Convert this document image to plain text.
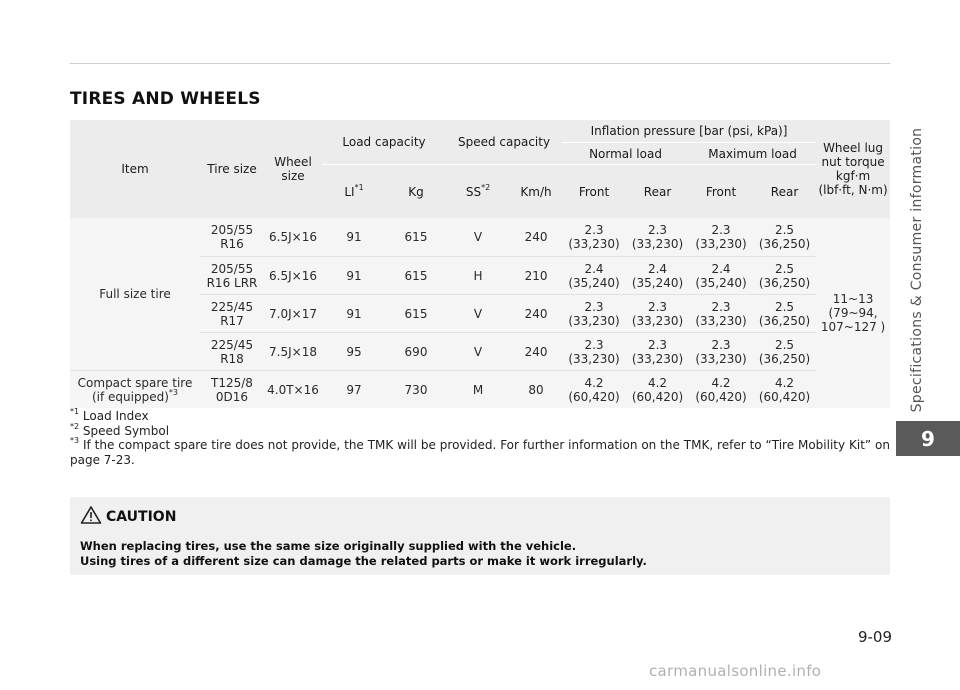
TIRES AND WHEELS
Item	Tire size	Wheel size	Load capacity		Speed capacity		Inflation pressure [bar (psi, kPa)]				Wheel lug nut torque kgf·m (lbf·ft, N·m)
							Normal load		Maximum load		
			LI$^{*1}$	Kg	SS$^{*2}$	Km/h	Front	Rear	Front	Rear	
Full size tire	205/55 R16	6.5J×16	91	615	V	240	2.3 (33,230)	2.3 (33,230)	2.3 (33,230)	2.5 (36,250)	11~13 (79~94, 107~127 )
	205/55 R16 LRR	6.5J×16	91	615	H	210	2.4 (35,240)	2.4 (35,240)	2.4 (35,240)	2.5 (36,250)	
	225/45 R17	7.0J×17	91	615	V	240	2.3 (33,230)	2.3 (33,230)	2.3 (33,230)	2.5 (36,250)	
	225/45 R18	7.5J×18	95	690	V	240	2.3 (33,230)	2.3 (33,230)	2.3 (33,230)	2.5 (36,250)	
Compact spare tire (if equipped)$^{*3}$	T125/8 0D16	4.0T×16	97	730	M	80	4.2 (60,420)	4.2 (60,420)	4.2 (60,420)	4.2 (60,420)	
$^{*1}$ Load Index
$^{*2}$ Speed Symbol
$^{*3}$ If the compact spare tire does not provide, the TMK will be provided. For further information on the TMK, refer to “Tire Mobility Kit” on page 7-23.
CAUTION
When replacing tires, use the same size originally supplied with the vehicle.
Using tires of a different size can damage the related parts or make it work irregularly.
Specifications & Consumer information
9
9-09
carmanualsonline.info
